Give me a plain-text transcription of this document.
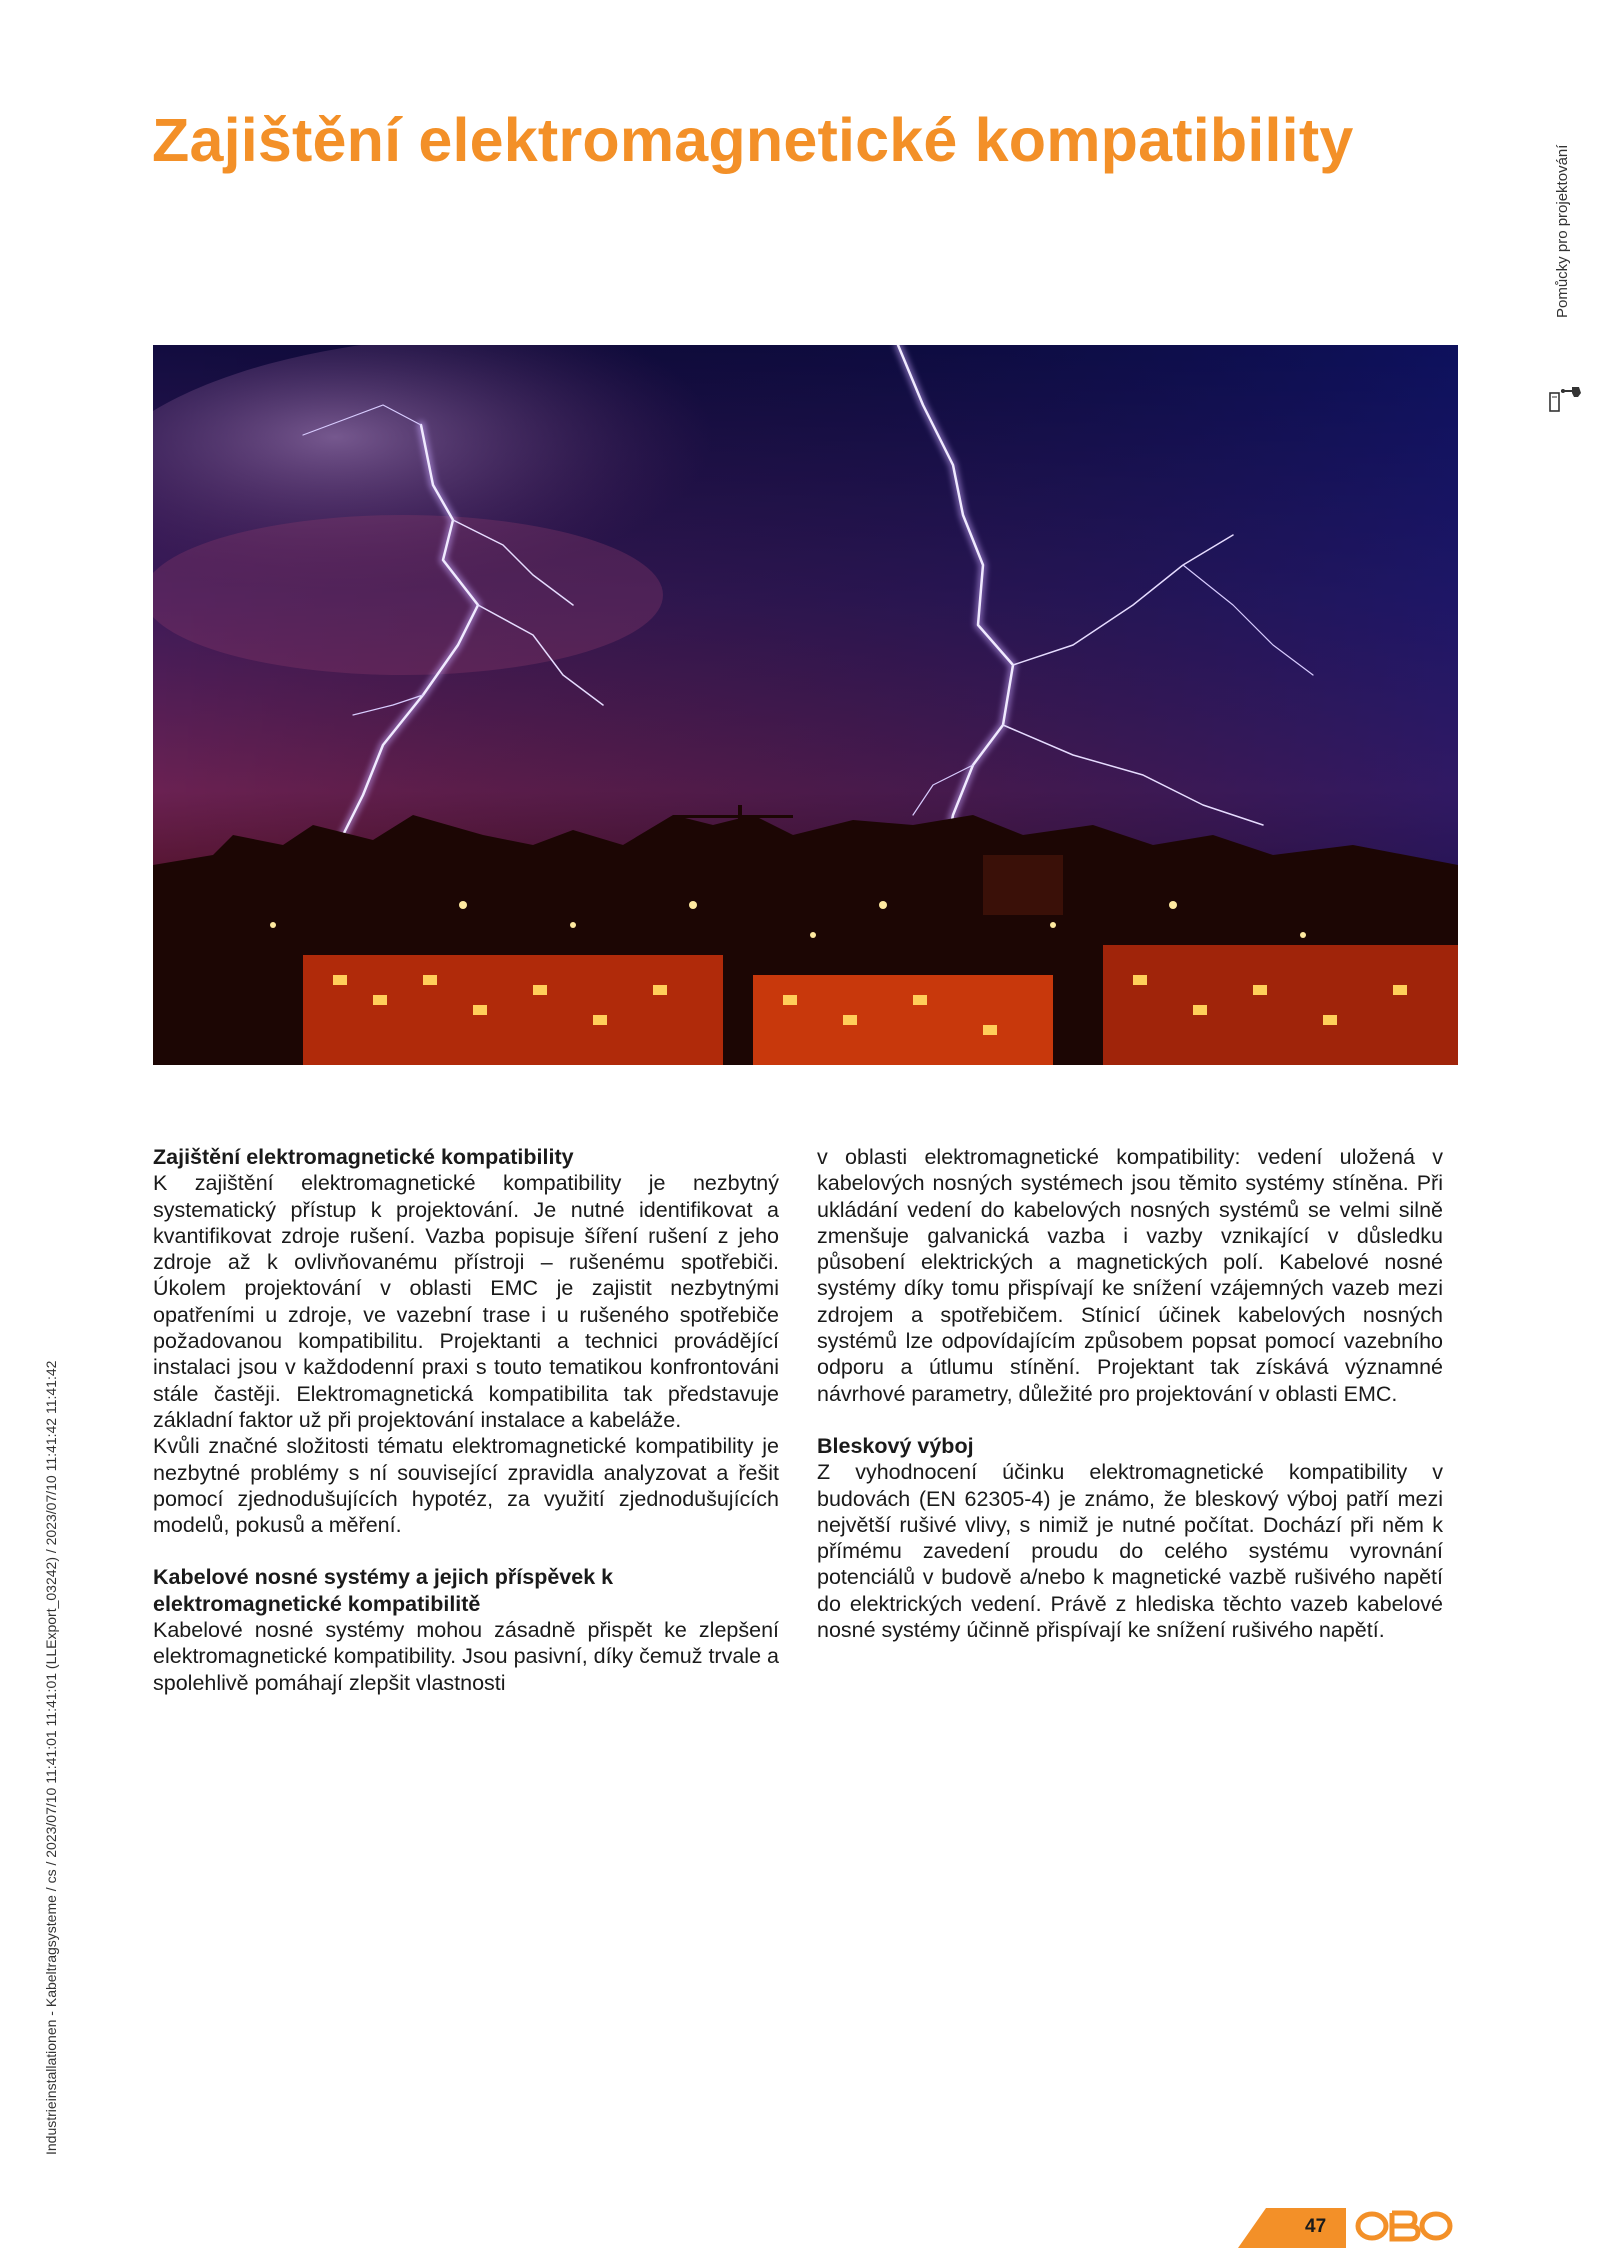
Zajištění elektromagnetické kompatibility
Pomůcky pro projektování
Industrieinstallationen - Kabeltragsysteme / cs / 2023/07/10 11:41:01 11:41:01 (LLExport_03242) / 2023/07/10 11:41:42 11:41:42
Zajištění elektromagnetické kompatibility

K zajištění elektromagnetické kompatibility je nezbytný systematický přístup k projektování. Je nutné identifikovat a kvantifikovat zdroje rušení. Vazba popisuje šíření rušení z jeho zdroje až k ovlivňovanému přístroji – rušenému spotřebiči. Úkolem projektování v oblasti EMC je zajistit nezbytnými opatřeními u zdroje, ve vazební trase i u rušeného spotřebiče požadovanou kompatibilitu. Projektanti a technici provádějící instalaci jsou v každodenní praxi s touto tematikou konfrontováni stále častěji. Elektromagnetická kompatibilita tak představuje základní faktor už při projektování instalace a kabeláže.

Kvůli značné složitosti tématu elektromagnetické kompatibility je nezbytné problémy s ní související zpravidla analyzovat a řešit pomocí zjednodušujících hypotéz, za využití zjednodušujících modelů, pokusů a měření.

Kabelové nosné systémy a jejich příspěvek k elektromagnetické kompatibilitě

Kabelové nosné systémy mohou zásadně přispět ke zlepšení elektromagnetické kompatibility. Jsou pasivní, díky čemuž trvale a spolehlivě pomáhají zlepšit vlastnosti

v oblasti elektromagnetické kompatibility: vedení uložená v kabelových nosných systémech jsou těmito systémy stíněna. Při ukládání vedení do kabelových nosných systémů se velmi silně zmenšuje galvanická vazba i vazby vznikající v důsledku působení elektrických a magnetických polí. Kabelové nosné systémy díky tomu přispívají ke snížení vzájemných vazeb mezi zdrojem a spotřebičem. Stínicí účinek kabelových nosných systémů lze odpovídajícím způsobem popsat pomocí vazebního odporu a útlumu stínění. Projektant tak získává významné návrhové parametry, důležité pro projektování v oblasti EMC.

Bleskový výboj

Z vyhodnocení účinku elektromagnetické kompatibility v budovách (EN 62305-4) je známo, že bleskový výboj patří mezi největší rušivé vlivy, s nimiž je nutné počítat. Dochází při něm k přímému zavedení proudu do celého systému vyrovnání potenciálů v budově a/nebo k magnetické vazbě rušivého napětí do elektrických vedení. Právě z hlediska těchto vazeb kabelové nosné systémy účinně přispívají ke snížení rušivého napětí.

47
